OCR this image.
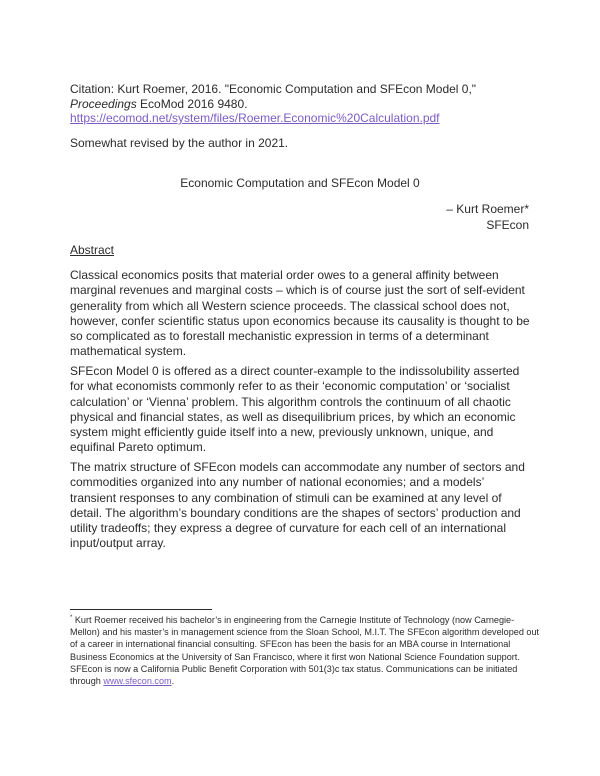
Citation: Kurt Roemer, 2016. "Economic Computation and SFEcon Model 0,"
Proceedings EcoMod 2016 9480.
https://ecomod.net/system/files/Roemer.Economic%20Calculation.pdf
Somewhat revised by the author in 2021.
Economic Computation and SFEcon Model 0
– Kurt Roemer*
SFEcon
Abstract

Classical economics posits that material order owes to a general affinity between marginal revenues and marginal costs – which is of course just the sort of self-evident generality from which all Western science proceeds. The classical school does not, however, confer scientific status upon economics because its causality is thought to be so complicated as to forestall mechanistic expression in terms of a determinant mathematical system.

SFEcon Model 0 is offered as a direct counter-example to the indissolubility asserted for what economists commonly refer to as their ‘economic computation’ or ‘socialist calculation’ or ‘Vienna’ problem. This algorithm controls the continuum of all chaotic physical and financial states, as well as disequilibrium prices, by which an economic system might efficiently guide itself into a new, previously unknown, unique, and equifinal Pareto optimum.

The matrix structure of SFEcon models can accommodate any number of sectors and commodities organized into any number of national economies; and a models’ transient responses to any combination of stimuli can be examined at any level of detail. The algorithm’s boundary conditions are the shapes of sectors’ production and utility tradeoffs; they express a degree of curvature for each cell of an international input/output array.

* Kurt Roemer received his bachelor’s in engineering from the Carnegie Institute of Technology (now Carnegie-Mellon) and his master’s in management science from the Sloan School, M.I.T. The SFEcon algorithm developed out of a career in international financial consulting. SFEcon has been the basis for an MBA course in International Business Economics at the University of San Francisco, where it first won National Science Foundation support. SFEcon is now a California Public Benefit Corporation with 501(3)c tax status. Communications can be initiated through www.sfecon.com.
